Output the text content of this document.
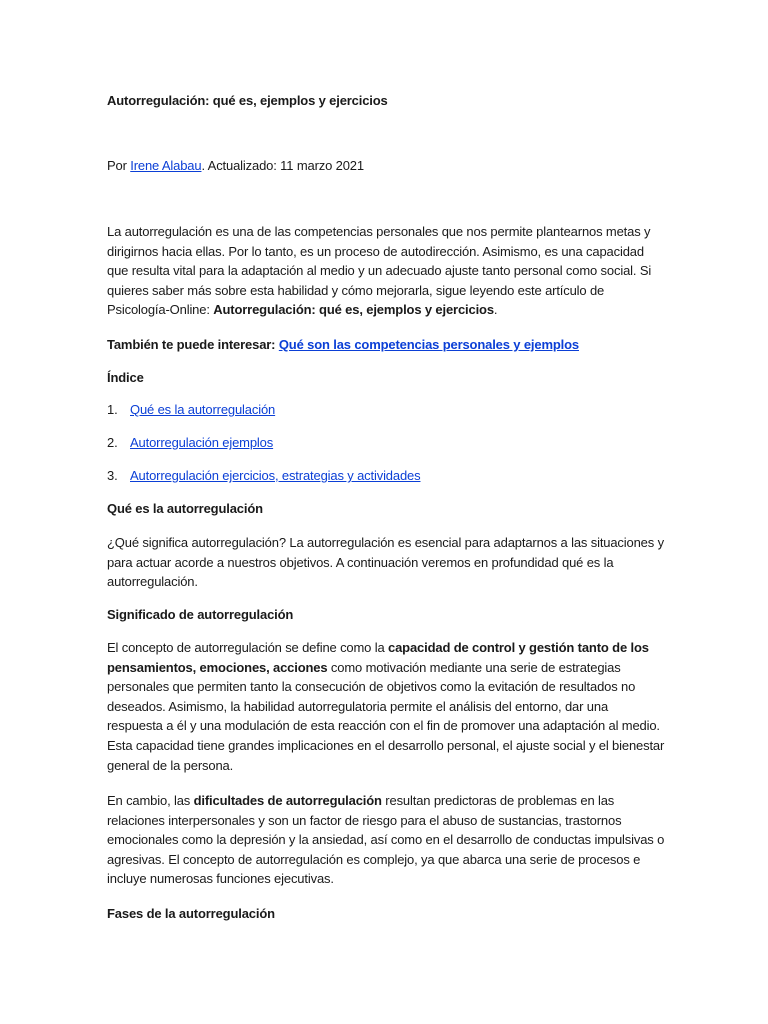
Autorregulación: qué es, ejemplos y ejercicios

Por Irene Alabau. Actualizado: 11 marzo 2021

La autorregulación es una de las competencias personales que nos permite plantearnos metas y dirigirnos hacia ellas. Por lo tanto, es un proceso de autodirección. Asimismo, es una capacidad que resulta vital para la adaptación al medio y un adecuado ajuste tanto personal como social. Si quieres saber más sobre esta habilidad y cómo mejorarla, sigue leyendo este artículo de Psicología-Online: Autorregulación: qué es, ejemplos y ejercicios.

También te puede interesar: Qué son las competencias personales y ejemplos

Índice

1. Qué es la autorregulación
2. Autorregulación ejemplos
3. Autorregulación ejercicios, estrategias y actividades
Qué es la autorregulación

¿Qué significa autorregulación? La autorregulación es esencial para adaptarnos a las situaciones y para actuar acorde a nuestros objetivos. A continuación veremos en profundidad qué es la autorregulación.

Significado de autorregulación

El concepto de autorregulación se define como la capacidad de control y gestión tanto de los pensamientos, emociones, acciones como motivación mediante una serie de estrategias personales que permiten tanto la consecución de objetivos como la evitación de resultados no deseados. Asimismo, la habilidad autorregulatoria permite el análisis del entorno, dar una respuesta a él y una modulación de esta reacción con el fin de promover una adaptación al medio. Esta capacidad tiene grandes implicaciones en el desarrollo personal, el ajuste social y el bienestar general de la persona.

En cambio, las dificultades de autorregulación resultan predictoras de problemas en las relaciones interpersonales y son un factor de riesgo para el abuso de sustancias, trastornos emocionales como la depresión y la ansiedad, así como en el desarrollo de conductas impulsivas o agresivas. El concepto de autorregulación es complejo, ya que abarca una serie de procesos e incluye numerosas funciones ejecutivas.

Fases de la autorregulación
